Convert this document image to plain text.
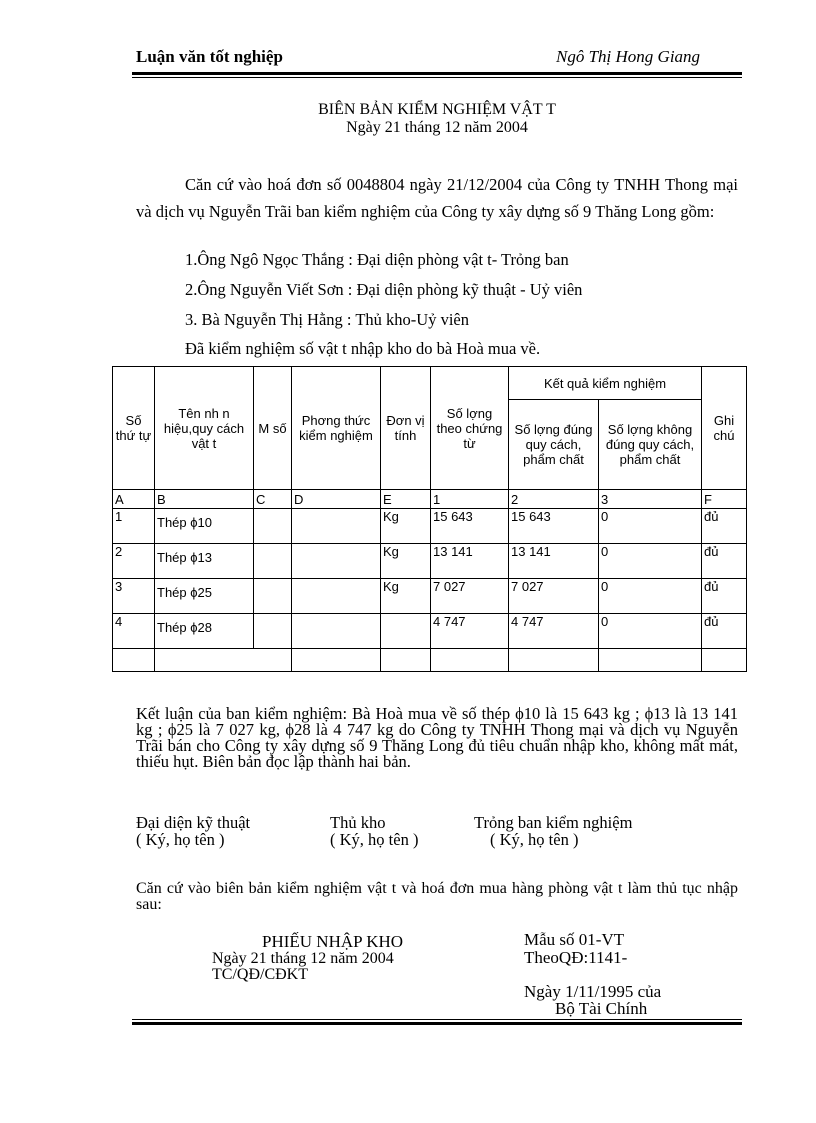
Luận văn tốt nghiệp	Ngô Thị Hong Giang
BIÊN BẢN KIỂM NGHIỆM VẬT T
Ngày 21 tháng 12 năm 2004
Căn cứ vào hoá đơn số 0048804 ngày 21/12/2004 của Công ty TNHH Thong mại và dịch vụ Nguyễn Trãi ban kiểm nghiệm của Công ty xây dựng số 9 Thăng Long gồm:
1.Ông Ngô Ngọc Thắng : Đại diện phòng vật t- Trỏng ban
2.Ông Nguyễn Viết Sơn : Đại diện phòng kỹ thuật - Uỷ viên
3. Bà Nguyễn Thị Hằng : Thủ kho-Uỷ viên
Đã kiểm nghiệm số vật t nhập kho do bà Hoà mua về.
Số thứ tự	Tên nh n hiệu,quy cách vật t	M số	Phơng thức kiểm nghiệm	Đơn vị tính	Số lợng theo chứng từ	Kết quả kiểm nghiệm		Ghi chú
						Số lợng đúng quy cách, phẩm chất	Số lợng không đúng quy cách, phẩm chất	
A	B	C	D	E	1	2	3	F
1	Thép ϕ10			Kg	15 643	15 643	0	đủ
2	Thép ϕ13			Kg	13 141	13 141	0	đủ
3	Thép ϕ25			Kg	7 027	7 027	0	đủ
4	Thép ϕ28				4 747	4 747	0	đủ

Kết luận của ban kiểm nghiệm: Bà Hoà mua về số thép ϕ10 là 15 643 kg ; ϕ13 là 13 141 kg ; ϕ25 là 7 027 kg, ϕ28 là 4 747 kg do Công ty TNHH Thong mại và dịch vụ Nguyễn Trãi bán cho Công ty xây dựng số 9 Thăng Long đủ tiêu chuẩn nhập kho, không mất mát, thiếu hụt. Biên bản đọc lập thành hai bản.
Đại diện kỹ thuật
( Ký, họ tên )
Thủ kho
( Ký, họ tên )
Trỏng ban kiểm nghiệm
( Ký, họ tên )
Căn cứ vào biên bản kiểm nghiệm vật t và hoá đơn mua hàng phòng vật t làm thủ tục nhập sau:
PHIẾU NHẬP KHO
Ngày 21 tháng 12 năm 2004
TC/QĐ/CĐKT
Mẫu số 01-VT
TheoQĐ:1141-
Ngày 1/11/1995 của
Bộ Tài Chính
